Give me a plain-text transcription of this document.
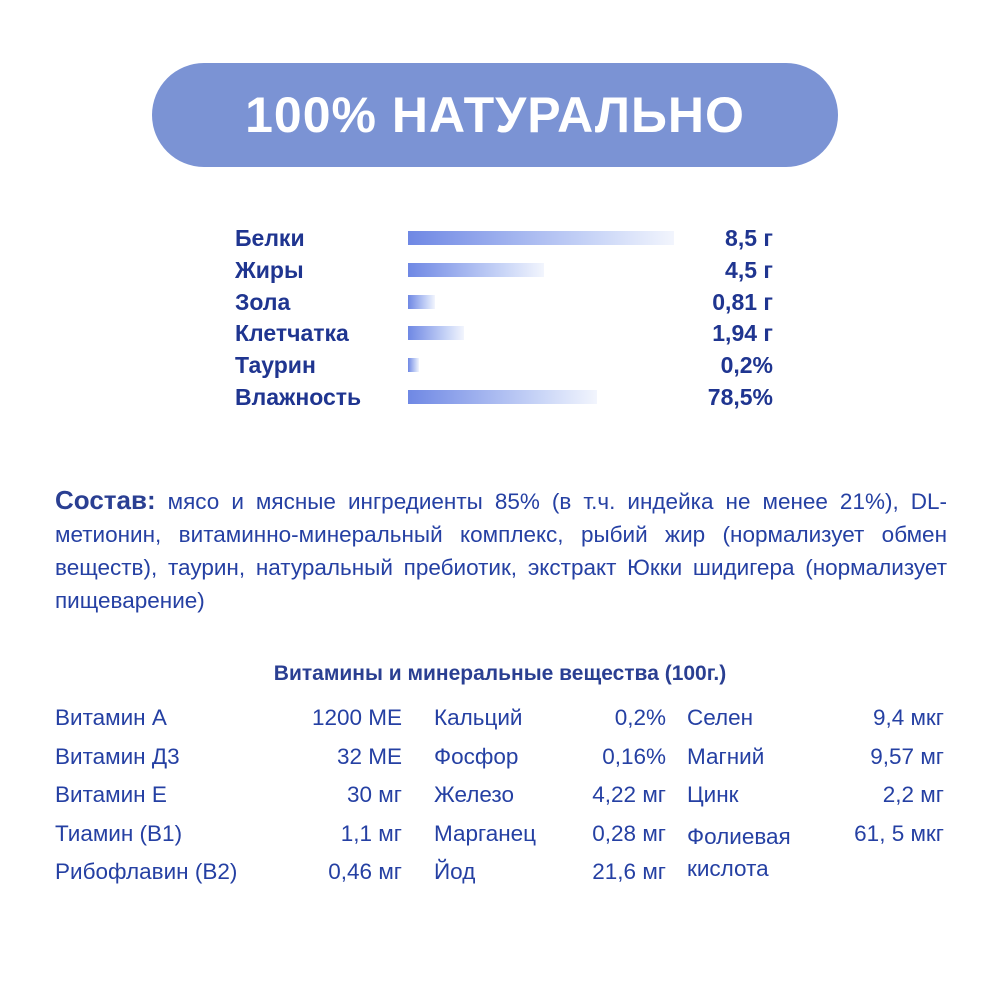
100% НАТУРАЛЬНО
Белки	8,5 г
Жиры	4,5 г
Зола	0,81 г
Клетчатка	1,94 г
Таурин	0,2%
Влажность	78,5%
Состав: мясо и мясные ингредиенты 85% (в т.ч. индейка не менее 21%), DL-метионин, витаминно-минеральный комплекс, рыбий жир (нормализует обмен веществ), таурин, натуральный пребиотик, экстракт Юкки шидигера (нормализует пищеварение)
Витамины и минеральные вещества (100г.)
Витамин А	1200 МЕ
Витамин Д3	32 МЕ
Витамин Е	30 мг
Тиамин (В1)	1,1 мг
Рибофлавин (В2)	0,46 мг
Кальций	0,2%
Фосфор	0,16%
Железо	4,22 мг
Марганец 0,28 мг
Йод	21,6 мг
Селен	9,4 мкг
Магний	9,57 мг
Цинк	2,2 мг
Фолиевая кислота
61, 5 мкг
